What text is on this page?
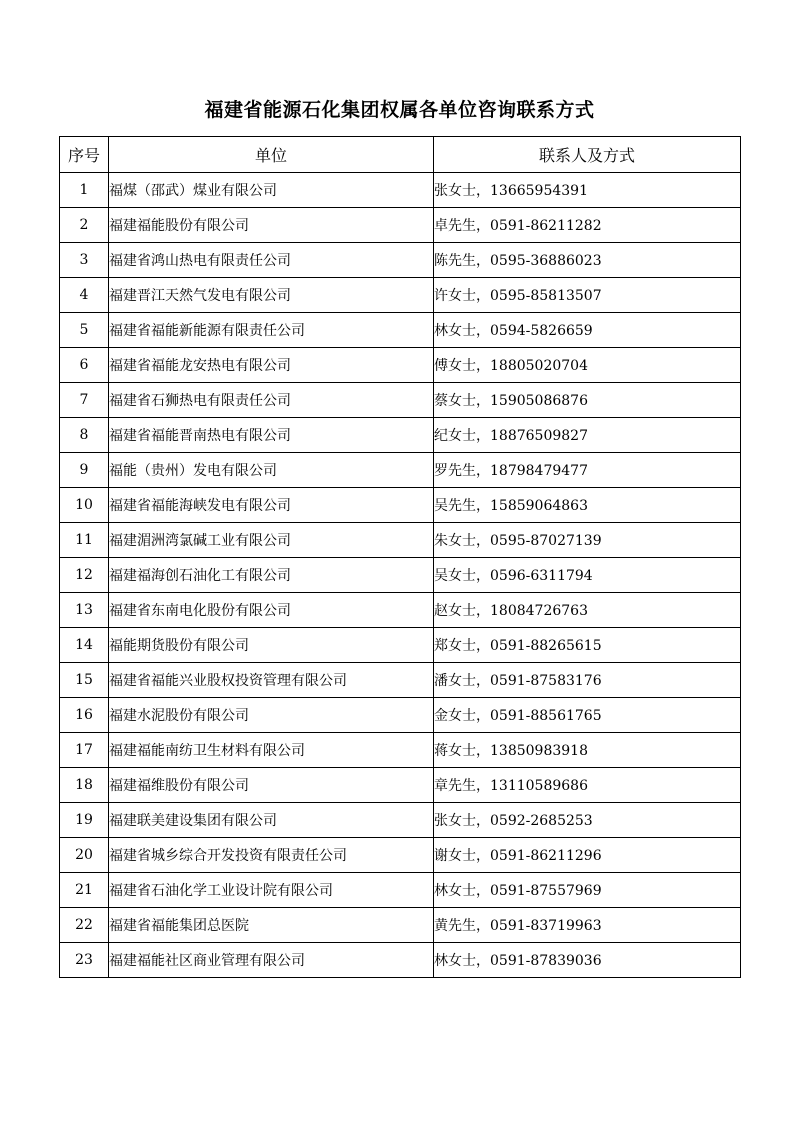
福建省能源石化集团权属各单位咨询联系方式
序号	单位	联系人及方式
1	福煤（邵武）煤业有限公司	张女士，13665954391
2	福建福能股份有限公司	卓先生，0591-86211282
3	福建省鸿山热电有限责任公司	陈先生，0595-36886023
4	福建晋江天然气发电有限公司	许女士，0595-85813507
5	福建省福能新能源有限责任公司	林女士，0594-5826659
6	福建省福能龙安热电有限公司	傅女士，18805020704
7	福建省石狮热电有限责任公司	蔡女士，15905086876
8	福建省福能晋南热电有限公司	纪女士，18876509827
9	福能（贵州）发电有限公司	罗先生，18798479477
10	福建省福能海峡发电有限公司	吴先生，15859064863
11	福建湄洲湾氯碱工业有限公司	朱女士，0595-87027139
12	福建福海创石油化工有限公司	吴女士，0596-6311794
13	福建省东南电化股份有限公司	赵女士，18084726763
14	福能期货股份有限公司	郑女士，0591-88265615
15	福建省福能兴业股权投资管理有限公司	潘女士，0591-87583176
16	福建水泥股份有限公司	金女士，0591-88561765
17	福建福能南纺卫生材料有限公司	蒋女士，13850983918
18	福建福维股份有限公司	章先生，13110589686
19	福建联美建设集团有限公司	张女士，0592-2685253
20	福建省城乡综合开发投资有限责任公司	谢女士，0591-86211296
21	福建省石油化学工业设计院有限公司	林女士，0591-87557969
22	福建省福能集团总医院	黄先生，0591-83719963
23	福建福能社区商业管理有限公司	林女士，0591-87839036
